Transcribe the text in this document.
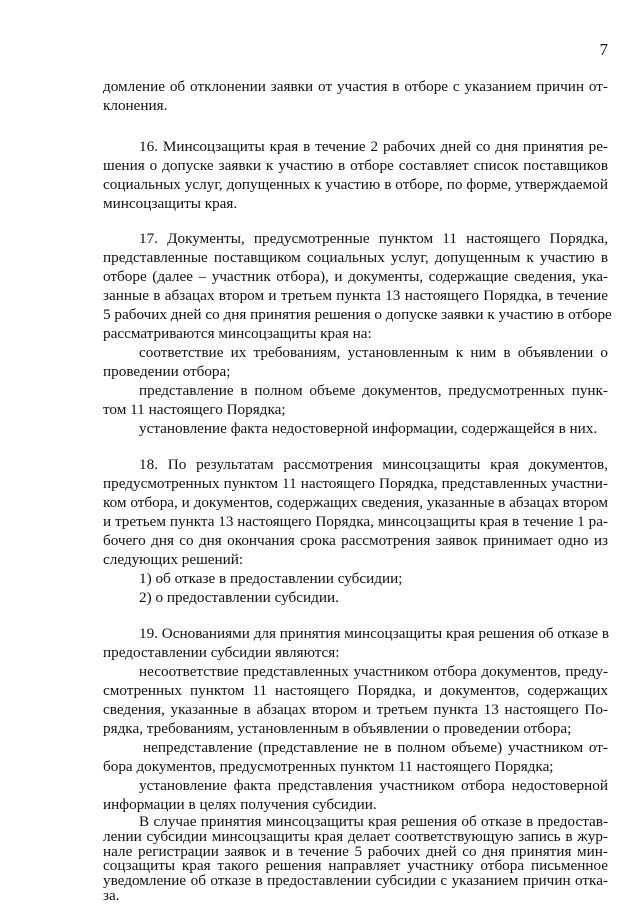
7
домление об отклонении заявки от участия в отборе с указанием причин от-
клонения.
16. Минсоцзащиты края в течение 2 рабочих дней со дня принятия ре-
шения о допуске заявки к участию в отборе составляет список поставщиков
социальных услуг, допущенных к участию в отборе, по форме, утверждаемой
минсоцзащиты края.
17. Документы, предусмотренные пунктом 11 настоящего Порядка,
представленные поставщиком социальных услуг, допущенным к участию в
отборе (далее – участник отбора), и документы, содержащие сведения, ука-
занные в абзацах втором и третьем пункта 13 настоящего Порядка, в течение
5 рабочих дней со дня принятия решения о допуске заявки к участию в отборе
рассматриваются минсоцзащиты края на:
соответствие их требованиям, установленным к ним в объявлении о
проведении отбора;
представление в полном объеме документов, предусмотренных пунк-
том 11 настоящего Порядка;
установление факта недостоверной информации, содержащейся в них.
18. По результатам рассмотрения минсоцзащиты края документов,
предусмотренных пунктом 11 настоящего Порядка, представленных участни-
ком отбора, и документов, содержащих сведения, указанные в абзацах втором
и третьем пункта 13 настоящего Порядка, минсоцзащиты края в течение 1 ра-
бочего дня со дня окончания срока рассмотрения заявок принимает одно из
следующих решений:
1) об отказе в предоставлении субсидии;
2) о предоставлении субсидии.
19. Основаниями для принятия минсоцзащиты края решения об отказе в
предоставлении субсидии являются:
несоответствие представленных участником отбора документов, преду-
смотренных пунктом 11 настоящего Порядка, и документов, содержащих
сведения, указанные в абзацах втором и третьем пункта 13 настоящего По-
рядка, требованиям, установленным в объявлении о проведении отбора;
непредставление (представление не в полном объеме) участником от-
бора документов, предусмотренных пунктом 11 настоящего Порядка;
установление факта представления участником отбора недостоверной
информации в целях получения субсидии.
В случае принятия минсоцзащиты края решения об отказе в предостав-
лении субсидии минсоцзащиты края делает соответствующую запись в жур-
нале регистрации заявок и в течение 5 рабочих дней со дня принятия мин-
соцзащиты края такого решения направляет участнику отбора письменное
уведомление об отказе в предоставлении субсидии с указанием причин отка-
за.
